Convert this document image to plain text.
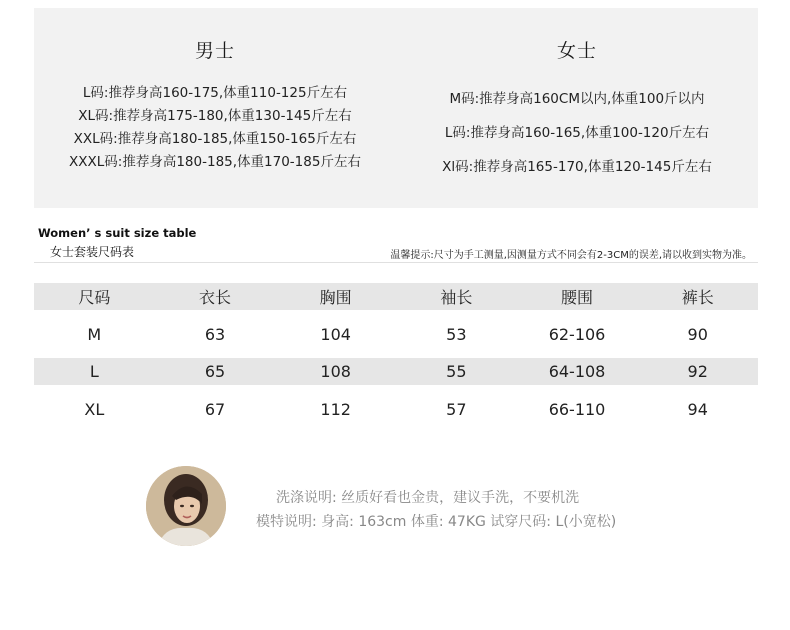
男士
L码:推荐身高160-175,体重110-125斤左右
XL码:推荐身高175-180,体重130-145斤左右
XXL码:推荐身高180-185,体重150-165斤左右
XXXL码:推荐身高180-185,体重170-185斤左右
女士
M码:推荐身高160CM以内,体重100斤以内
L码:推荐身高160-165,体重100-120斤左右
Xl码:推荐身高165-170,体重120-145斤左右
Women’ s suit size table
女士套装尺码表	温馨提示:尺寸为手工测量,因测量方式不同会有2-3CM的误差,请以收到实物为准。
尺码	衣长	胸围	袖长	腰围	裤长
M	63	104	53	62-106	90
L	65	108	55	64-108	92
XL	67	112	57	66-110	94
洗涤说明: 丝质好看也金贵，建议手洗，不要机洗
模特说明: 身高: 163cm 体重: 47KG 试穿尺码: L(小宽松)
